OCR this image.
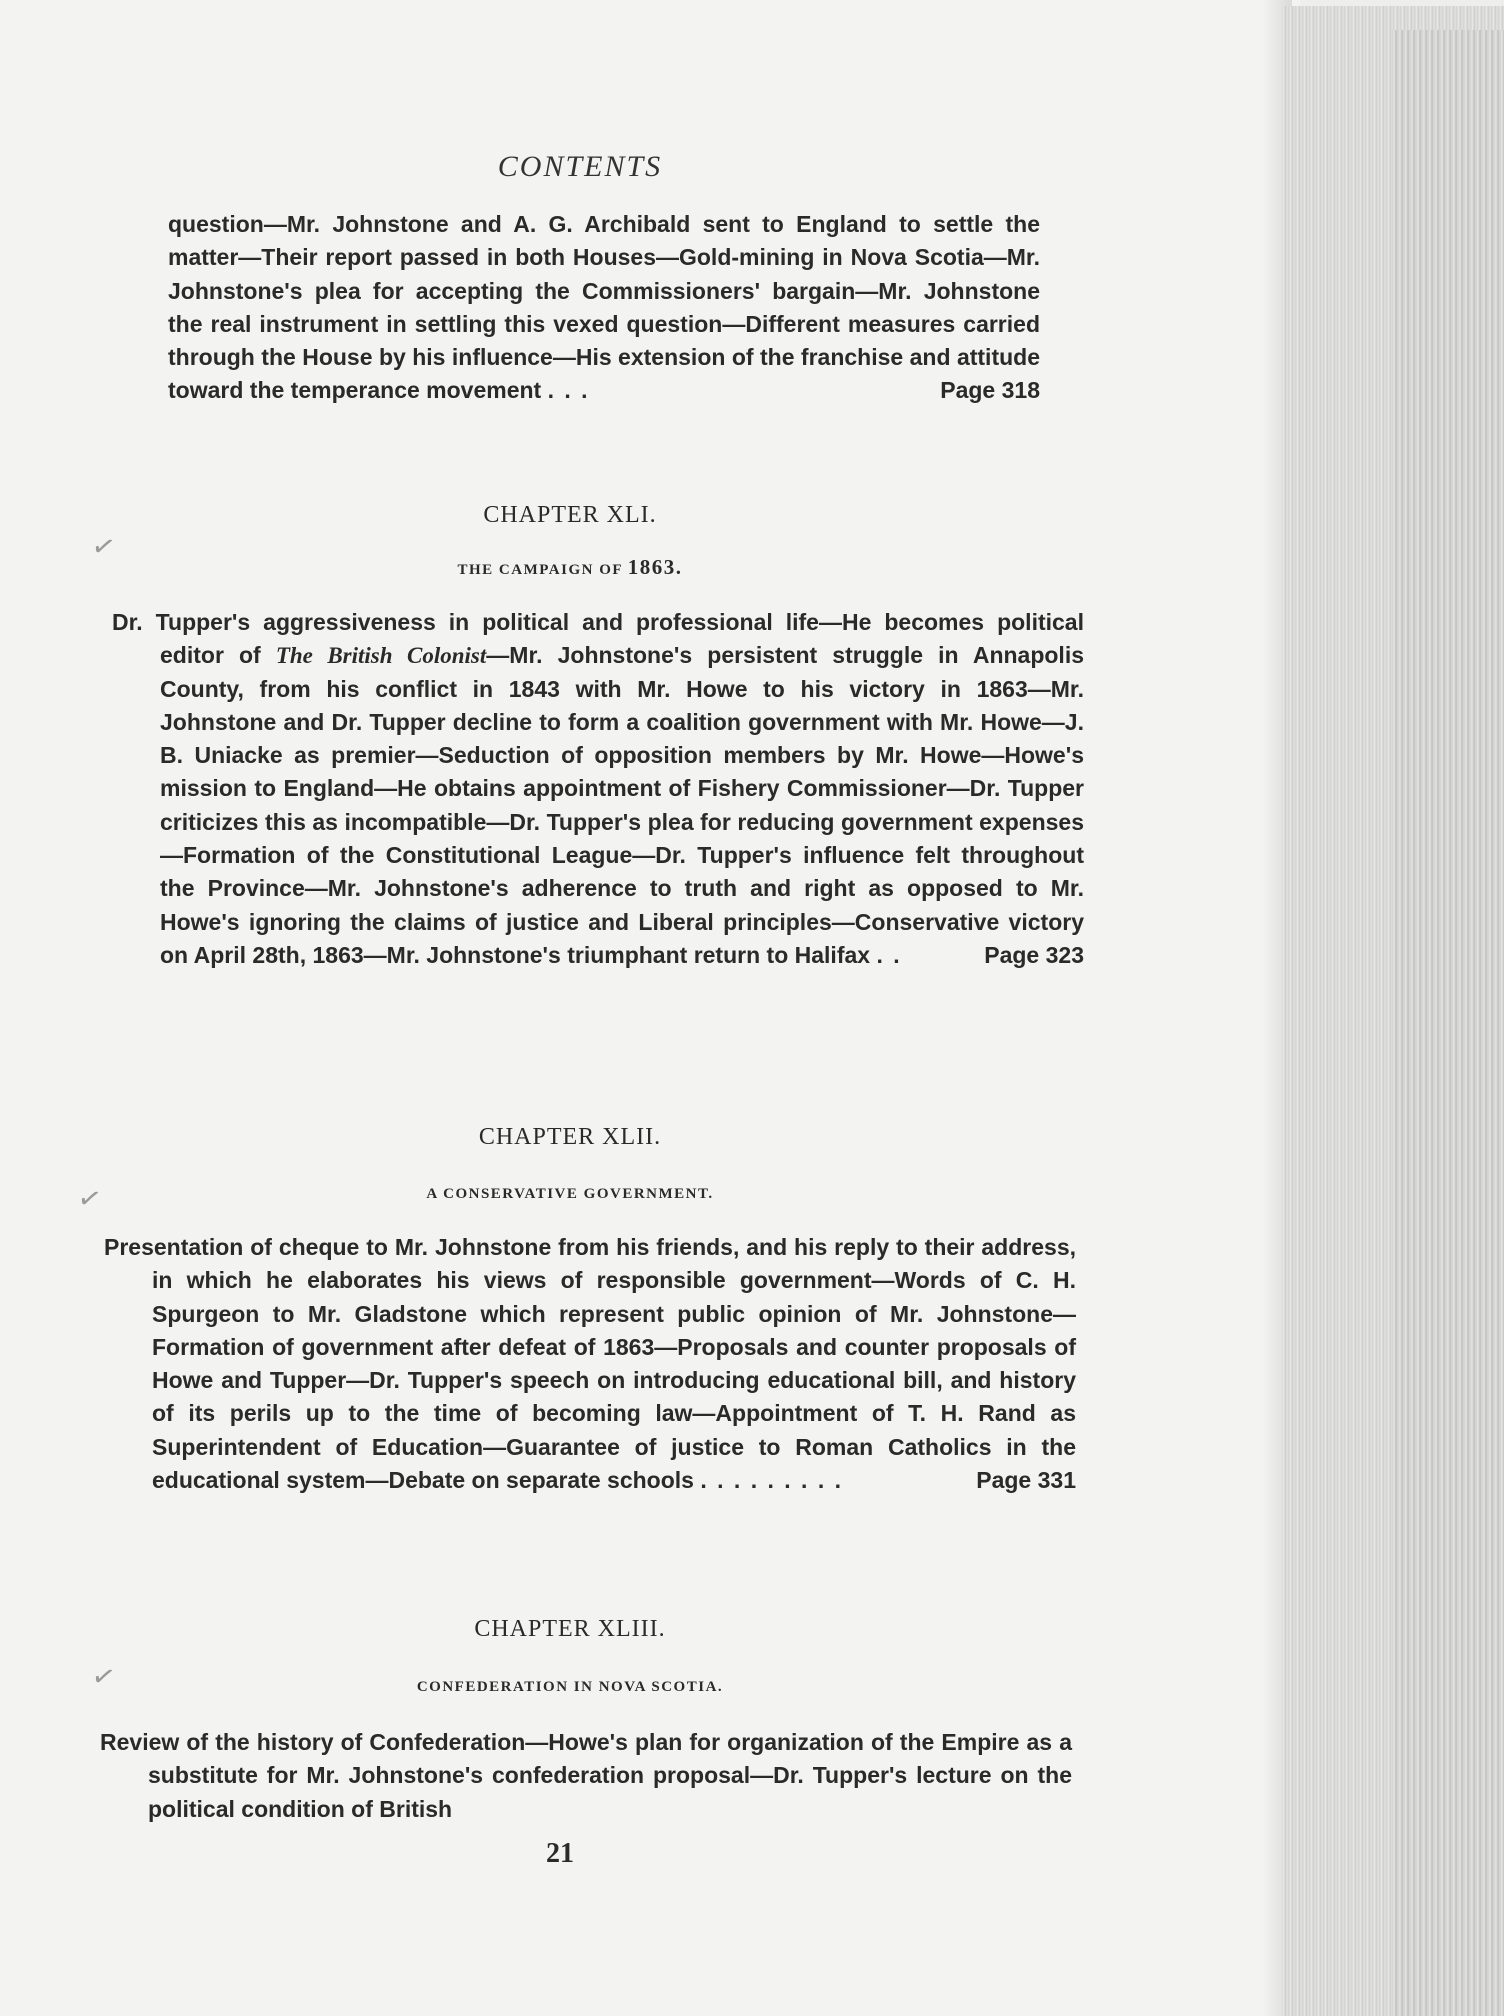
CONTENTS
question—Mr. Johnstone and A. G. Archibald sent to England to settle the matter—Their report passed in both Houses—Gold-mining in Nova Scotia—Mr. Johnstone's plea for accepting the Commissioners' bargain—Mr. Johnstone the real instrument in settling this vexed question—Different measures carried through the House by his influence—His extension of the franchise and attitude toward the temperance movement . . .	Page 318
CHAPTER XLI.
✓
THE CAMPAIGN OF 1863.
Dr. Tupper's aggressiveness in political and professional life—He becomes political editor of The British Colonist—Mr. Johnstone's persistent struggle in Annapolis County, from his conflict in 1843 with Mr. Howe to his victory in 1863—Mr. Johnstone and Dr. Tupper decline to form a coalition government with Mr. Howe—J. B. Uniacke as premier—Seduction of opposition members by Mr. Howe—Howe's mission to England—He obtains appointment of Fishery Commissioner—Dr. Tupper criticizes this as incompatible—Dr. Tupper's plea for reducing government expenses—Formation of the Constitutional League—Dr. Tupper's influence felt throughout the Province—Mr. Johnstone's adherence to truth and right as opposed to Mr. Howe's ignoring the claims of justice and Liberal principles—Conservative victory on April 28th, 1863—Mr. Johnstone's triumphant return to Halifax . .	Page 323
CHAPTER XLII.
✓	A CONSERVATIVE GOVERNMENT.
Presentation of cheque to Mr. Johnstone from his friends, and his reply to their address, in which he elaborates his views of responsible government—Words of C. H. Spurgeon to Mr. Gladstone which represent public opinion of Mr. Johnstone—Formation of government after defeat of 1863—Proposals and counter proposals of Howe and Tupper—Dr. Tupper's speech on introducing educational bill, and history of its perils up to the time of becoming law—Appointment of T. H. Rand as Superintendent of Education—Guarantee of justice to Roman Catholics in the educational system—Debate on separate schools . . . . . . . . .	Page 331
CHAPTER XLIII.
✓	CONFEDERATION IN NOVA SCOTIA.
Review of the history of Confederation—Howe's plan for organization of the Empire as a substitute for Mr. Johnstone's confederation proposal—Dr. Tupper's lecture on the political condition of British
21
